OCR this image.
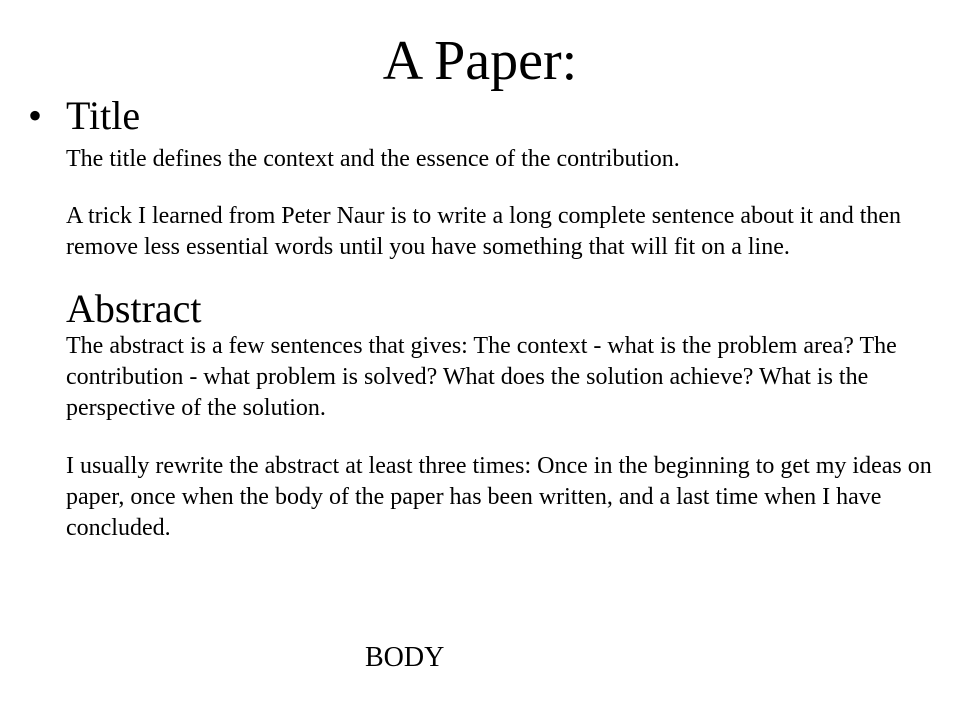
A Paper:
• Title

The title defines the context and the essence of the contribution.

A trick I learned from Peter Naur is to write a long complete sentence about it and then remove less essential words until you have something that will fit on a line.

Abstract

The abstract is a few sentences that gives: The context - what is the problem area? The contribution - what problem is solved? What does the solution achieve? What is the perspective of the solution.

I usually rewrite the abstract at least three times: Once in the beginning to get my ideas on paper, once when the body of the paper has been written, and a last time when I have concluded.

BODY
